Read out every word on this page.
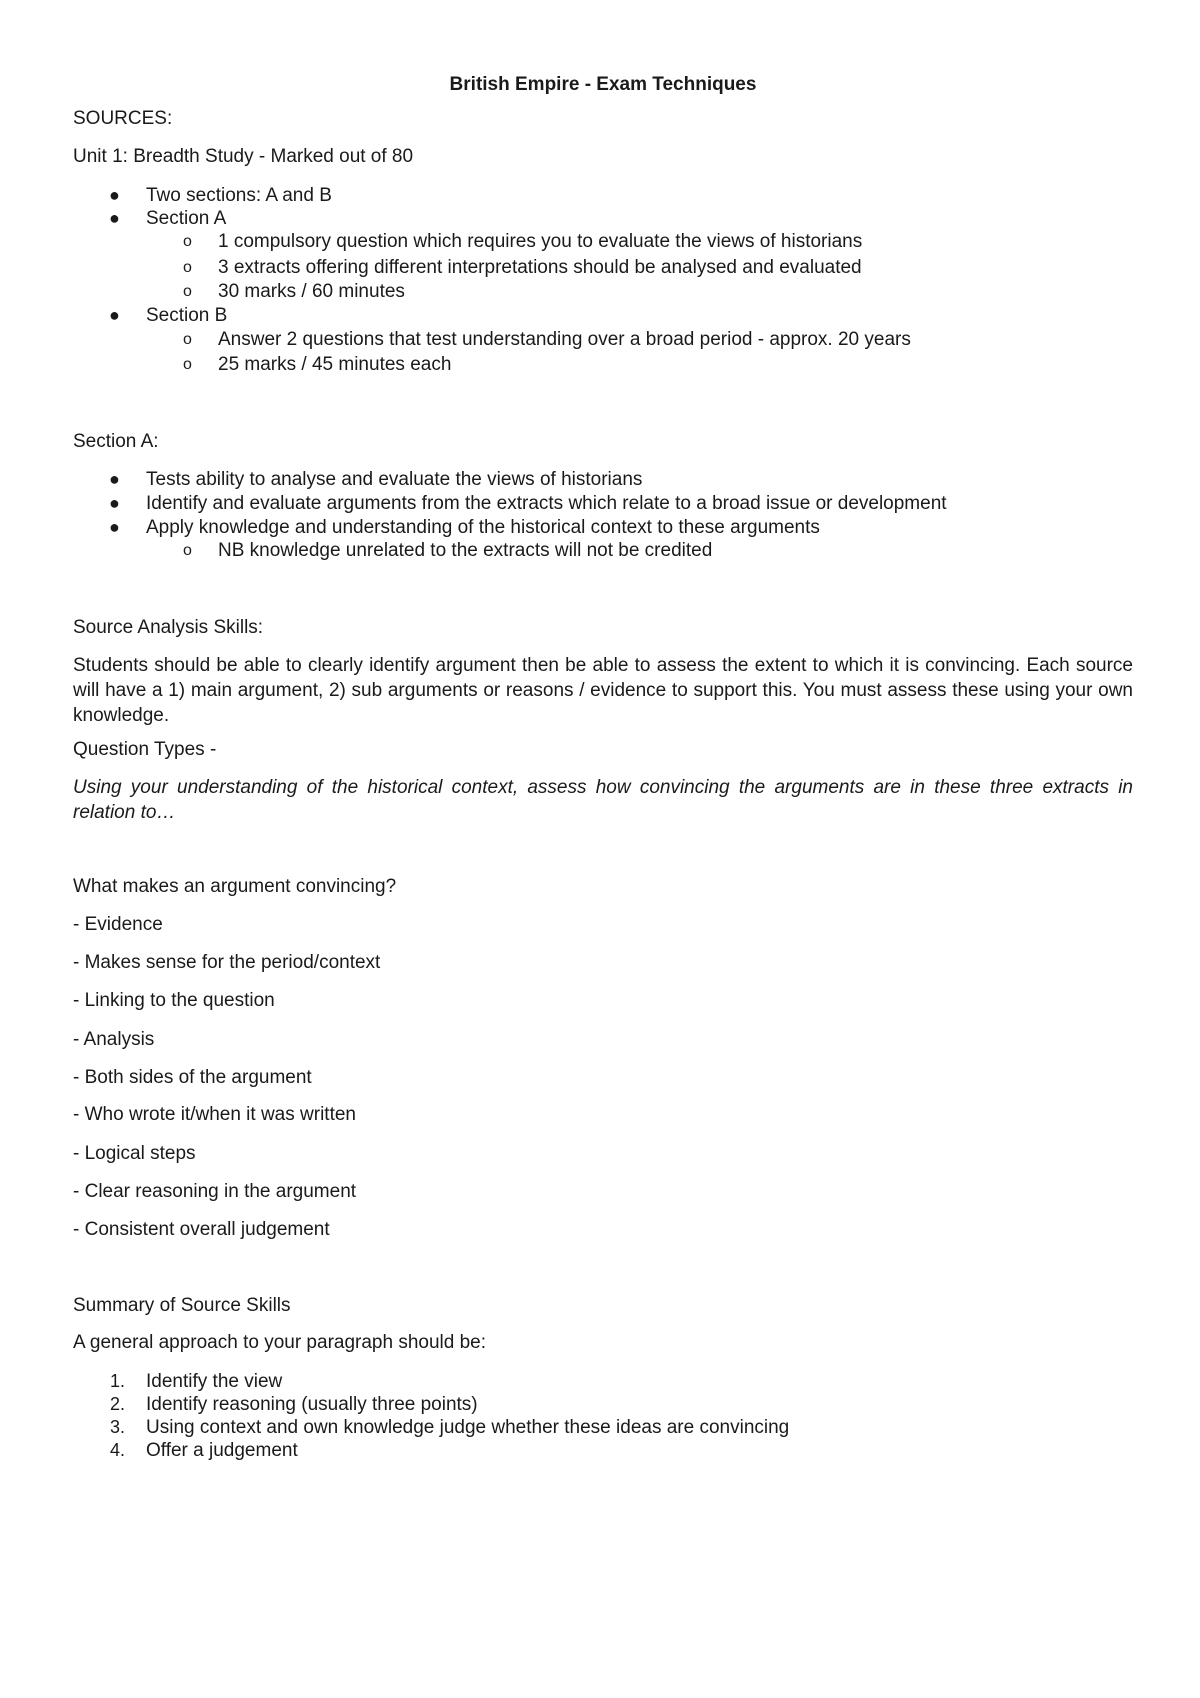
British Empire - Exam Techniques
SOURCES:
Unit 1: Breadth Study - Marked out of 80
● Two sections: A and B
● Section A
o 1 compulsory question which requires you to evaluate the views of historians
o 3 extracts offering different interpretations should be analysed and evaluated
o 30 marks / 60 minutes
● Section B
o Answer 2 questions that test understanding over a broad period - approx. 20 years
o 25 marks / 45 minutes each
Section A:
● Tests ability to analyse and evaluate the views of historians
● Identify and evaluate arguments from the extracts which relate to a broad issue or development
● Apply knowledge and understanding of the historical context to these arguments
o NB knowledge unrelated to the extracts will not be credited
Source Analysis Skills:
Students should be able to clearly identify argument then be able to assess the extent to which it is convincing. Each source will have a 1) main argument, 2) sub arguments or reasons / evidence to support this. You must assess these using your own knowledge.
Question Types -
Using your understanding of the historical context, assess how convincing the arguments are in these three extracts in relation to…
What makes an argument convincing?
- Evidence
- Makes sense for the period/context
- Linking to the question
- Analysis
- Both sides of the argument
- Who wrote it/when it was written
- Logical steps
- Clear reasoning in the argument
- Consistent overall judgement
Summary of Source Skills
A general approach to your paragraph should be:
1. Identify the view
2. Identify reasoning (usually three points)
3. Using context and own knowledge judge whether these ideas are convincing
4. Offer a judgement
